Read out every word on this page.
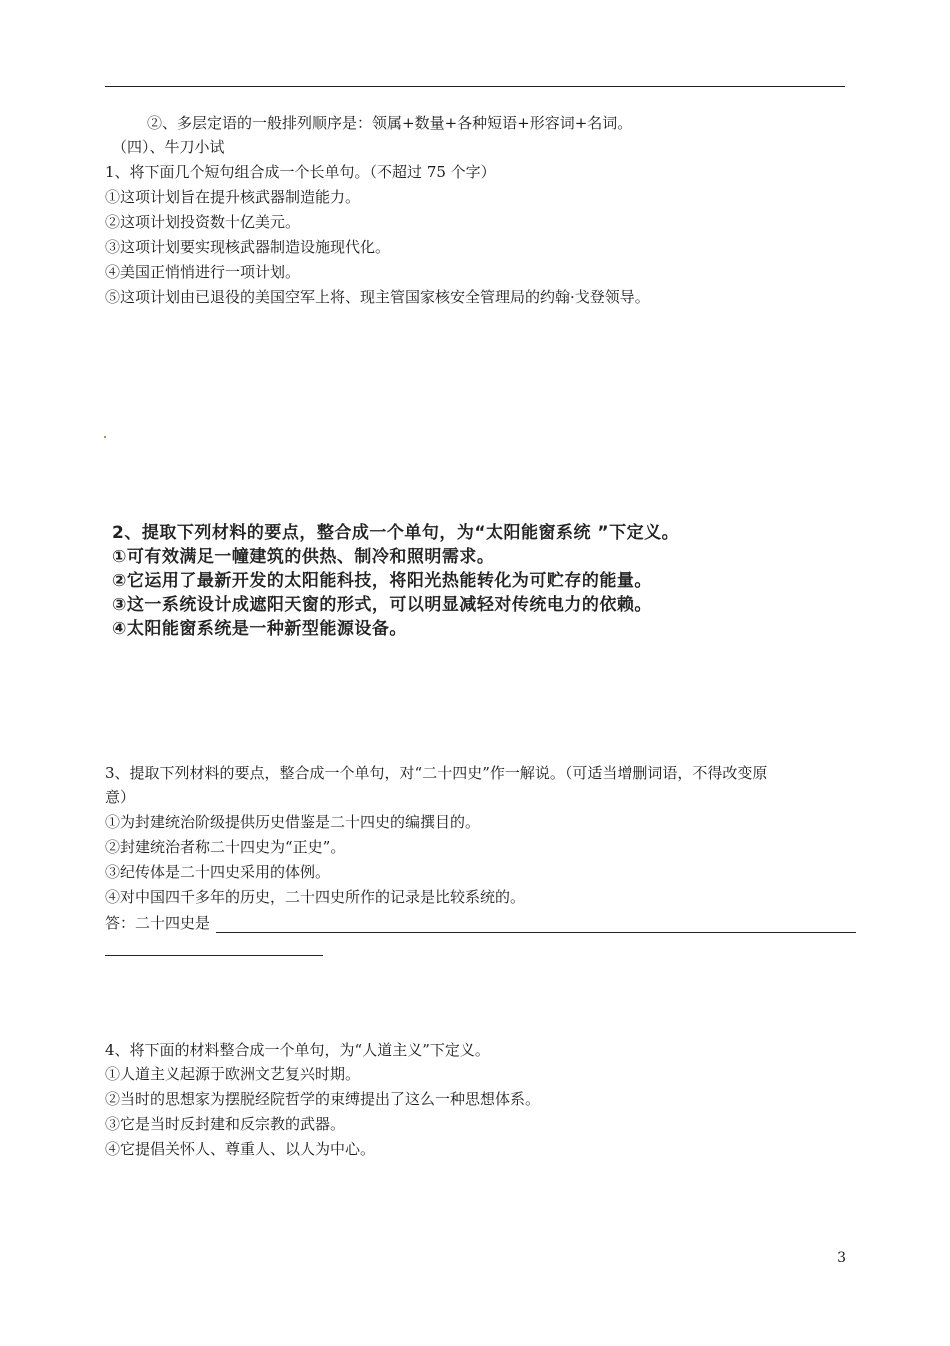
②、多层定语的一般排列顺序是：领属+数量+各种短语+形容词+名词。
（四）、牛刀小试
1、将下面几个短句组合成一个长单句。（不超过 75 个字）
①这项计划旨在提升核武器制造能力。
②这项计划投资数十亿美元。
③这项计划要实现核武器制造设施现代化。
④美国正悄悄进行一项计划。
⑤这项计划由已退役的美国空军上将、现主管国家核安全管理局的约翰·戈登领导。
2、提取下列材料的要点，整合成一个单句，为“太阳能窗系统 ”下定义。
①可有效满足一幢建筑的供热、制冷和照明需求。
②它运用了最新开发的太阳能科技，将阳光热能转化为可贮存的能量。
③这一系统设计成遮阳天窗的形式，可以明显减轻对传统电力的依赖。
④太阳能窗系统是一种新型能源设备。
3、提取下列材料的要点，整合成一个单句，对“二十四史”作一解说。（可适当增删词语，不得改变原
意）
①为封建统治阶级提供历史借鉴是二十四史的编撰目的。
②封建统治者称二十四史为“正史”。
③纪传体是二十四史采用的体例。
④对中国四千多年的历史，二十四史所作的记录是比较系统的。
答：二十四史是
4、将下面的材料整合成一个单句，为“人道主义”下定义。
①人道主义起源于欧洲文艺复兴时期。
②当时的思想家为摆脱经院哲学的束缚提出了这么一种思想体系。
③它是当时反封建和反宗教的武器。
④它提倡关怀人、尊重人、以人为中心。
3
